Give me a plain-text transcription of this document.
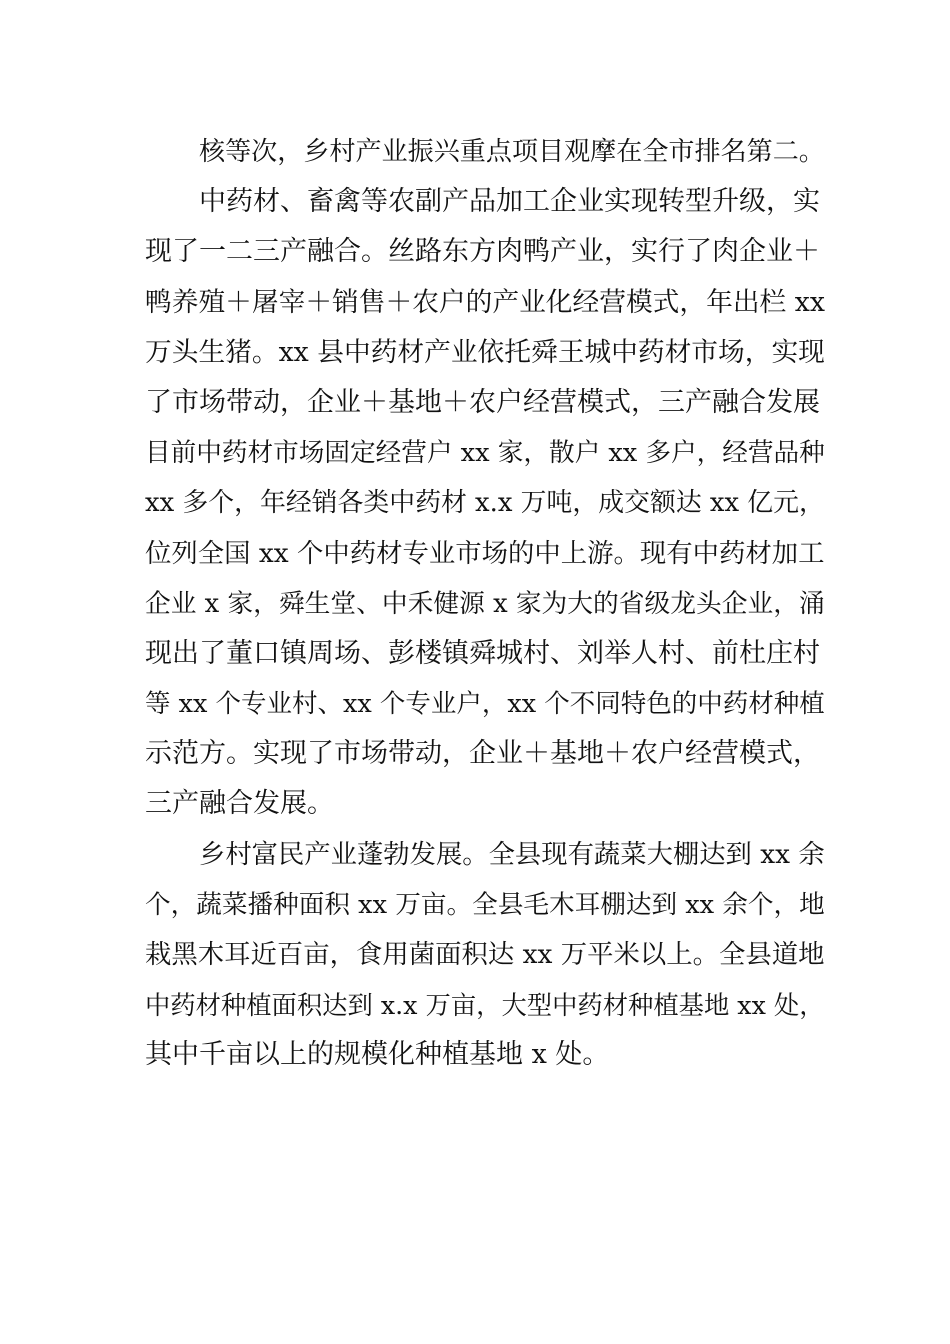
核等次，乡村产业振兴重点项目观摩在全市排名第二。
中药材、畜禽等农副产品加工企业实现转型升级，实
现了一二三产融合。丝路东方肉鸭产业，实行了肉企业＋
鸭养殖＋屠宰＋销售＋农户的产业化经营模式，年出栏 xx
万头生猪。xx 县中药材产业依托舜王城中药材市场，实现
了市场带动，企业＋基地＋农户经营模式，三产融合发展
目前中药材市场固定经营户 xx 家，散户 xx 多户，经营品种
xx 多个，年经销各类中药材 x.x 万吨，成交额达 xx 亿元，
位列全国 xx 个中药材专业市场的中上游。现有中药材加工
企业 x 家，舜生堂、中禾健源 x 家为大的省级龙头企业，涌
现出了董口镇周场、彭楼镇舜城村、刘举人村、前杜庄村
等 xx 个专业村、xx 个专业户，xx 个不同特色的中药材种植
示范方。实现了市场带动，企业＋基地＋农户经营模式，
三产融合发展。
乡村富民产业蓬勃发展。全县现有蔬菜大棚达到 xx 余
个，蔬菜播种面积 xx 万亩。全县毛木耳棚达到 xx 余个，地
栽黑木耳近百亩，食用菌面积达 xx 万平米以上。全县道地
中药材种植面积达到 x.x 万亩，大型中药材种植基地 xx 处，
其中千亩以上的规模化种植基地 x 处。
